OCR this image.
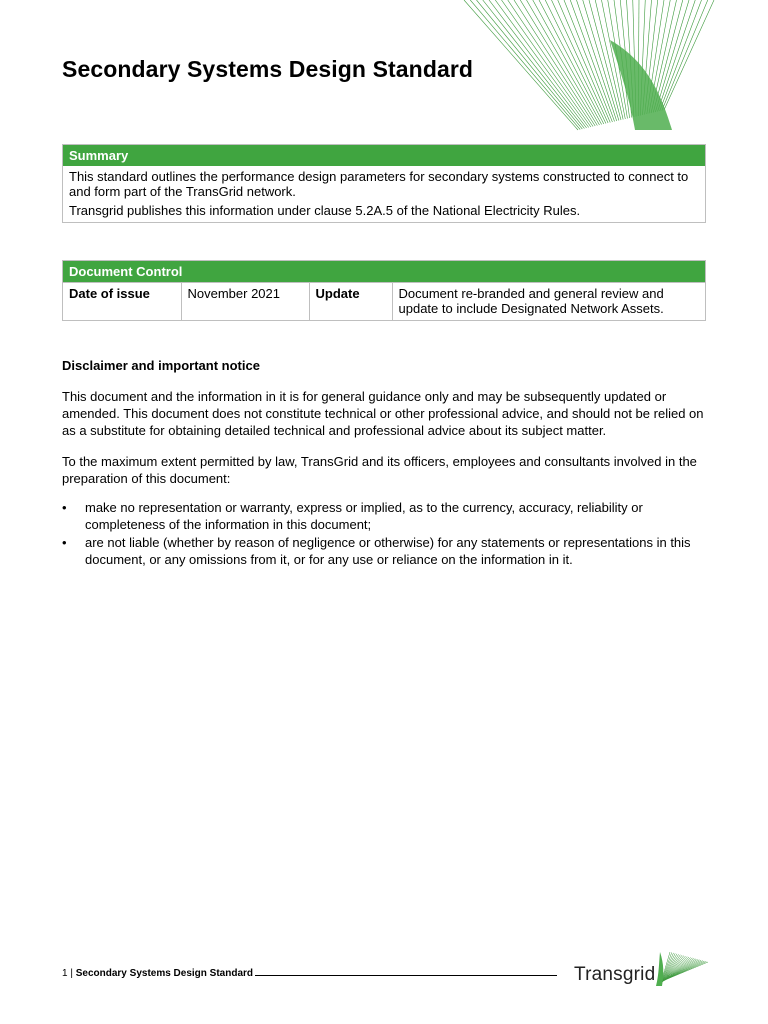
Secondary Systems Design Standard
Summary

This standard outlines the performance design parameters for secondary systems constructed to connect to and form part of the TransGrid network.

Transgrid publishes this information under clause 5.2A.5 of the National Electricity Rules.

Document Control
Date of issue	November 2021	Update	Document re-branded and general review and update to include Designated Network Assets.
Disclaimer and important notice

This document and the information in it is for general guidance only and may be subsequently updated or amended. This document does not constitute technical or other professional advice, and should not be relied on as a substitute for obtaining detailed technical and professional advice about its subject matter.

To the maximum extent permitted by law, TransGrid and its officers, employees and consultants involved in the preparation of this document:

• make no representation or warranty, express or implied, as to the currency, accuracy, reliability or completeness of the information in this document;
• are not liable (whether by reason of negligence or otherwise) for any statements or representations in this document, or any omissions from it, or for any use or reliance on the information in it.
1 | Secondary Systems Design Standard	Transgrid
